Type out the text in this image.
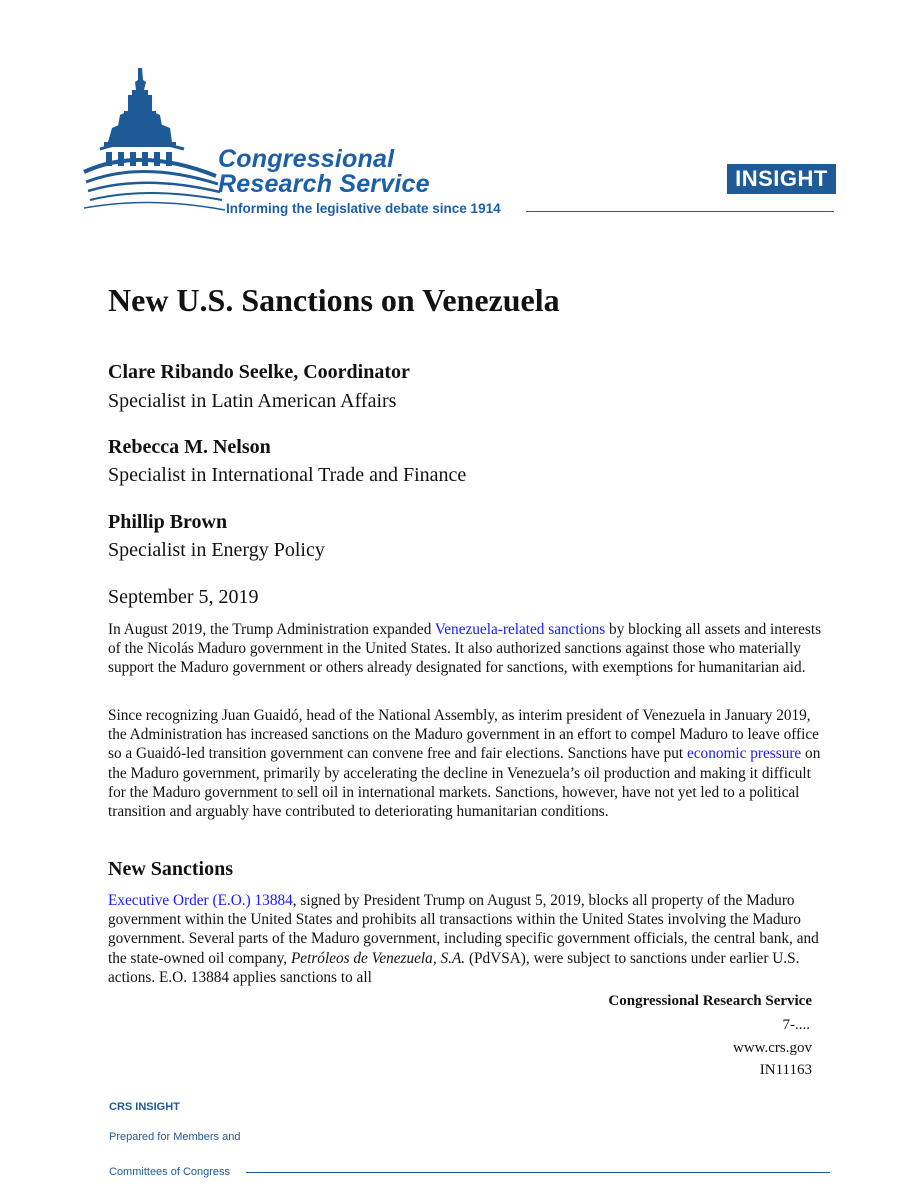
Congressional
Research Service
Informing the legislative debate since 1914
INSIGHT
New U.S. Sanctions on Venezuela
Clare Ribando Seelke, Coordinator
Specialist in Latin American Affairs
Rebecca M. Nelson
Specialist in International Trade and Finance
Phillip Brown
Specialist in Energy Policy
September 5, 2019
In August 2019, the Trump Administration expanded Venezuela-related sanctions by blocking all assets and interests of the Nicolás Maduro government in the United States. It also authorized sanctions against those who materially support the Maduro government or others already designated for sanctions, with exemptions for humanitarian aid.
Since recognizing Juan Guaidó, head of the National Assembly, as interim president of Venezuela in January 2019, the Administration has increased sanctions on the Maduro government in an effort to compel Maduro to leave office so a Guaidó-led transition government can convene free and fair elections. Sanctions have put economic pressure on the Maduro government, primarily by accelerating the decline in Venezuela’s oil production and making it difficult for the Maduro government to sell oil in international markets. Sanctions, however, have not yet led to a political transition and arguably have contributed to deteriorating humanitarian conditions.
New Sanctions
Executive Order (E.O.) 13884, signed by President Trump on August 5, 2019, blocks all property of the Maduro government within the United States and prohibits all transactions within the United States involving the Maduro government. Several parts of the Maduro government, including specific government officials, the central bank, and the state-owned oil company, Petróleos de Venezuela, S.A. (PdVSA), were subject to sanctions under earlier U.S. actions. E.O. 13884 applies sanctions to all
Congressional Research Service
7-....
www.crs.gov
IN11163
CRS INSIGHT
Prepared for Members and
Committees of Congress
